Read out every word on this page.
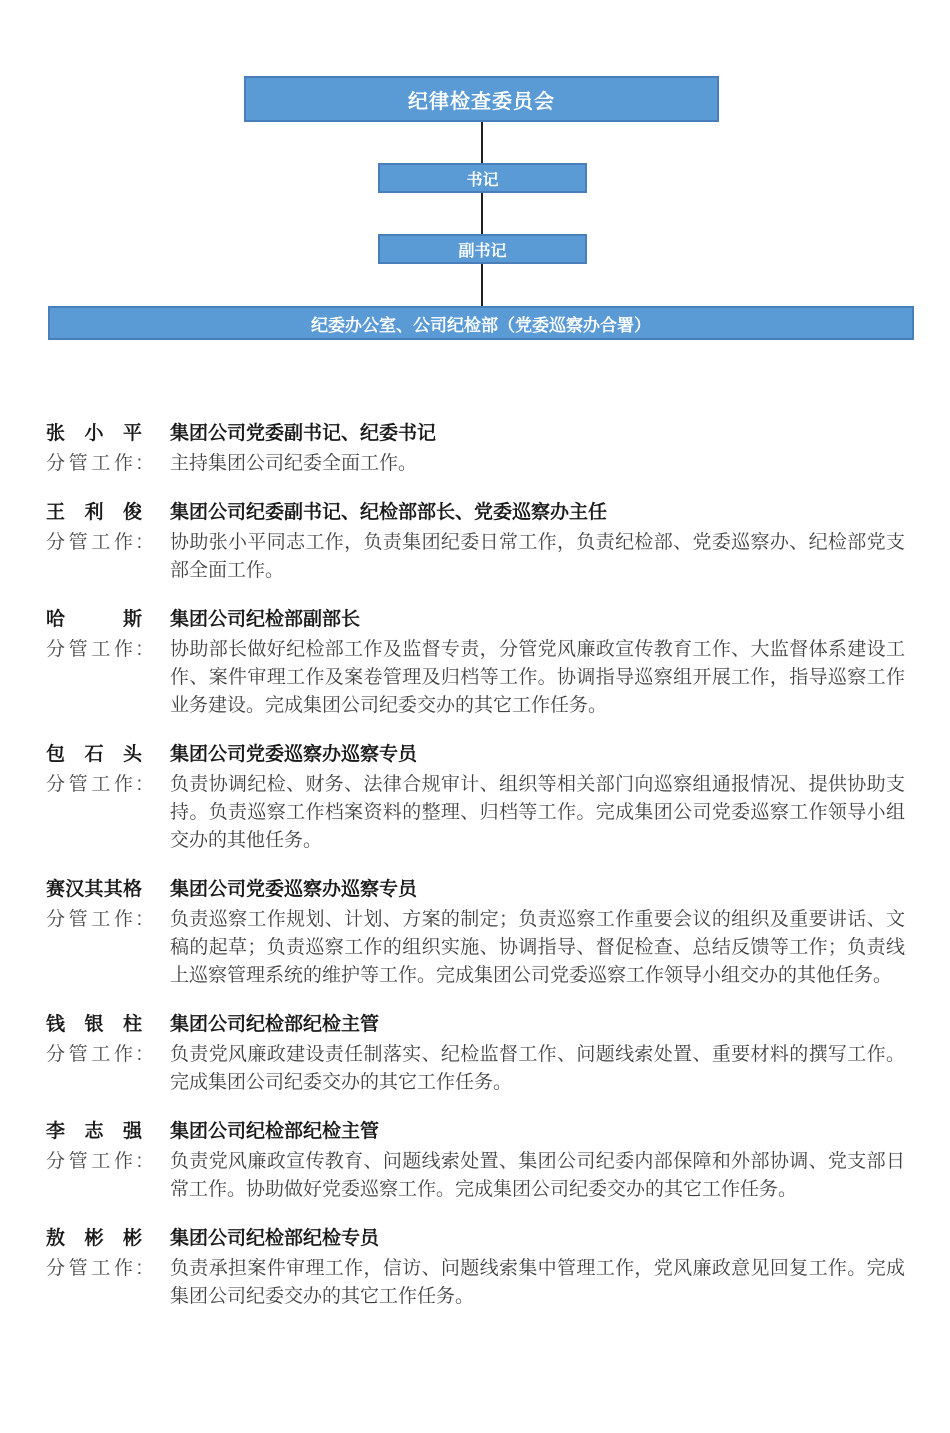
纪律检查委员会
书记
副书记
纪委办公室、公司纪检部（党委巡察办合署）
张小平 集团公司党委副书记、纪委书记
分管工作: 主持集团公司纪委全面工作。

王利俊 集团公司纪委副书记、纪检部部长、党委巡察办主任
分管工作: 协助张小平同志工作，负责集团纪委日常工作，负责纪检部、党委巡察办、纪检部党支部全面工作。

哈斯 集团公司纪检部副部长
分管工作: 协助部长做好纪检部工作及监督专责，分管党风廉政宣传教育工作、大监督体系建设工作、案件审理工作及案卷管理及归档等工作。协调指导巡察组开展工作，指导巡察工作业务建设。完成集团公司纪委交办的其它工作任务。

包石头 集团公司党委巡察办巡察专员
分管工作: 负责协调纪检、财务、法律合规审计、组织等相关部门向巡察组通报情况、提供协助支持。负责巡察工作档案资料的整理、归档等工作。完成集团公司党委巡察工作领导小组交办的其他任务。

赛汉其其格 集团公司党委巡察办巡察专员
分管工作: 负责巡察工作规划、计划、方案的制定；负责巡察工作重要会议的组织及重要讲话、文稿的起草；负责巡察工作的组织实施、协调指导、督促检查、总结反馈等工作；负责线上巡察管理系统的维护等工作。完成集团公司党委巡察工作领导小组交办的其他任务。

钱银柱 集团公司纪检部纪检主管
分管工作: 负责党风廉政建设责任制落实、纪检监督工作、问题线索处置、重要材料的撰写工作。完成集团公司纪委交办的其它工作任务。

李志强 集团公司纪检部纪检主管
分管工作: 负责党风廉政宣传教育、问题线索处置、集团公司纪委内部保障和外部协调、党支部日常工作。协助做好党委巡察工作。完成集团公司纪委交办的其它工作任务。

敖彬彬 集团公司纪检部纪检专员
分管工作: 负责承担案件审理工作，信访、问题线索集中管理工作，党风廉政意见回复工作。完成集团公司纪委交办的其它工作任务。
